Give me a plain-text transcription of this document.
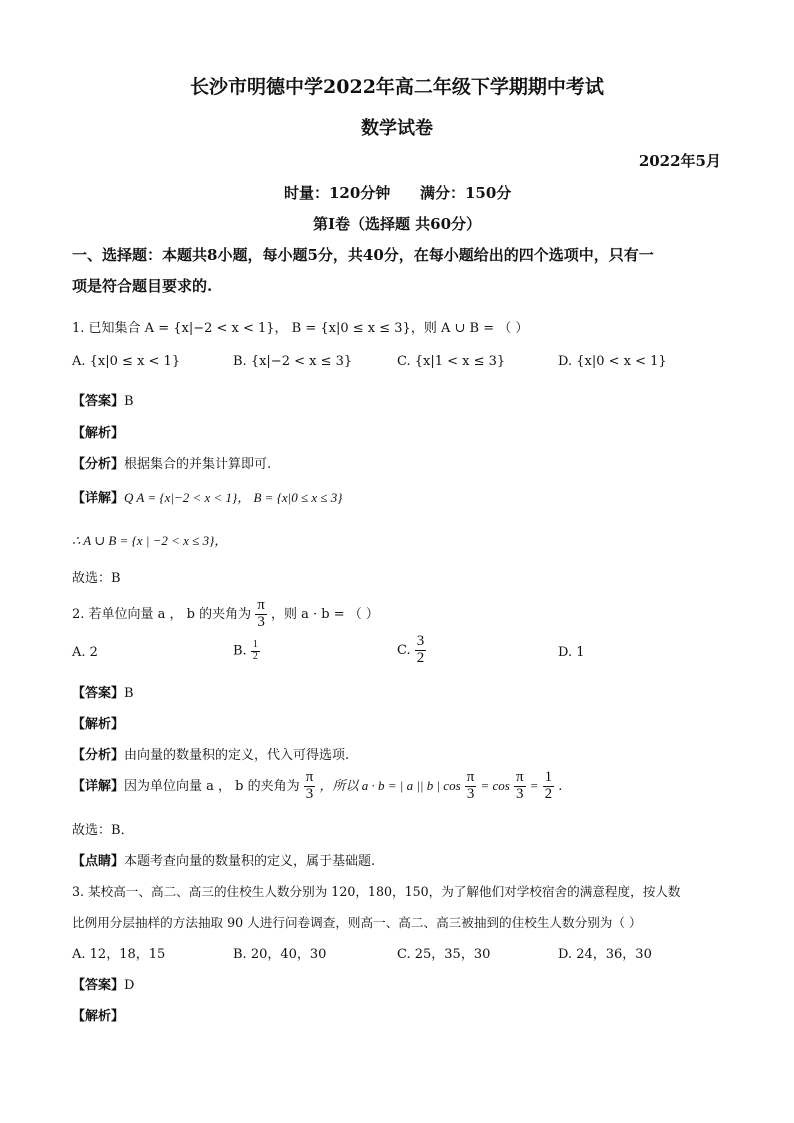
长沙市明德中学2022年高二年级下学期期中考试
数学试卷
2022年5月
时量：120分钟 满分：150分
第I卷（选择题 共60分）
一、选择题：本题共8小题，每小题5分，共40分，在每小题给出的四个选项中，只有一
项是符合题目要求的.
1. 已知集合 A = {x|−2 < x < 1}， B = {x|0 ≤ x ≤ 3}，则 A ∪ B = （ ）
A. {x|0 ≤ x < 1}	B. {x|−2 < x ≤ 3}	C. {x|1 < x ≤ 3}	D. {x|0 < x < 1}
【答案】B
【解析】
【分析】根据集合的并集计算即可.
【详解】Q A = {x|−2 < x < 1}， B = {x|0 ≤ x ≤ 3}
∴ A ∪ B = {x | −2 < x ≤ 3}，
故选：B
2. 若单位向量 a ， b 的夹角为 $\frac{\pi}{3}$ ，则 a · b = （ ）
A. 2	B. $\frac{1}{2}$	C. $\frac{3}{2}$	D. 1
【答案】B
【解析】
【分析】由向量的数量积的定义，代入可得选项.
【详解】因为单位向量 a ， b 的夹角为 $\frac{\pi}{3}$ ，所以 a · b = | a || b | $\cos \frac{\pi}{3} = \cos \frac{\pi}{3} = \frac{1}{2}$ .
故选：B．
【点睛】本题考查向量的数量积的定义，属于基础题.
3. 某校高一、高二、高三的住校生人数分别为 120，180，150，为了解他们对学校宿舍的满意程度，按人数
比例用分层抽样的方法抽取 90 人进行问卷调查，则高一、高二、高三被抽到的住校生人数分别为（ ）
A. 12，18，15	B. 20，40，30	C. 25，35，30	D. 24，36，30
【答案】D
【解析】
